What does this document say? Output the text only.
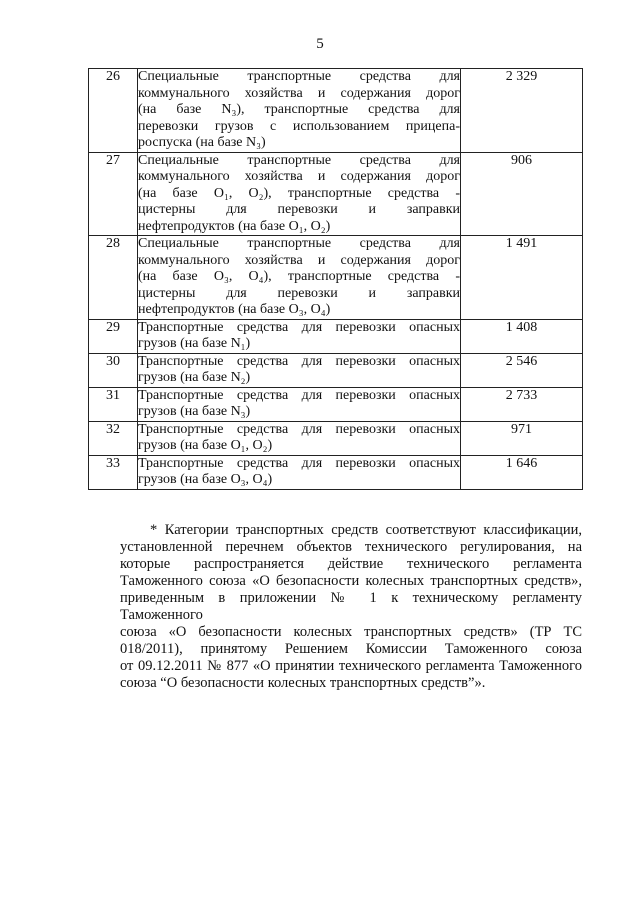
5
26	Специальные транспортные средства для
коммунального хозяйства и содержания дорог
(на базе N₃), транспортные средства для
перевозки грузов с использованием прицепа-
роспуска (на базе N₃)	2 329
27	Специальные транспортные средства для
коммунального хозяйства и содержания дорог
(на базе O₁, O₂), транспортные средства -
цистерны для перевозки и заправки
нефтепродуктов (на базе O₁, O₂)	906
28	Специальные транспортные средства для
коммунального хозяйства и содержания дорог
(на базе O₃, O₄), транспортные средства -
цистерны для перевозки и заправки
нефтепродуктов (на базе O₃, O₄)	1 491
29	Транспортные средства для перевозки опасных
грузов (на базе N₁)	1 408
30	Транспортные средства для перевозки опасных
грузов (на базе N₂)	2 546
31	Транспортные средства для перевозки опасных
грузов (на базе N₃)	2 733
32	Транспортные средства для перевозки опасных
грузов (на базе O₁, O₂)	971
33	Транспортные средства для перевозки опасных
грузов (на базе O₃, O₄)	1 646
* Категории транспортных средств соответствуют классификации,
установленной перечнем объектов технического регулирования, на
которые распространяется действие технического регламента
Таможенного союза «О безопасности колесных транспортных средств»,
приведенным в приложении № 1 к техническому регламенту Таможенного
союза «О безопасности колесных транспортных средств» (ТР ТС
018/2011), принятому Решением Комиссии Таможенного союза
от 09.12.2011 № 877 «О принятии технического регламента Таможенного
союза “О безопасности колесных транспортных средств”».
